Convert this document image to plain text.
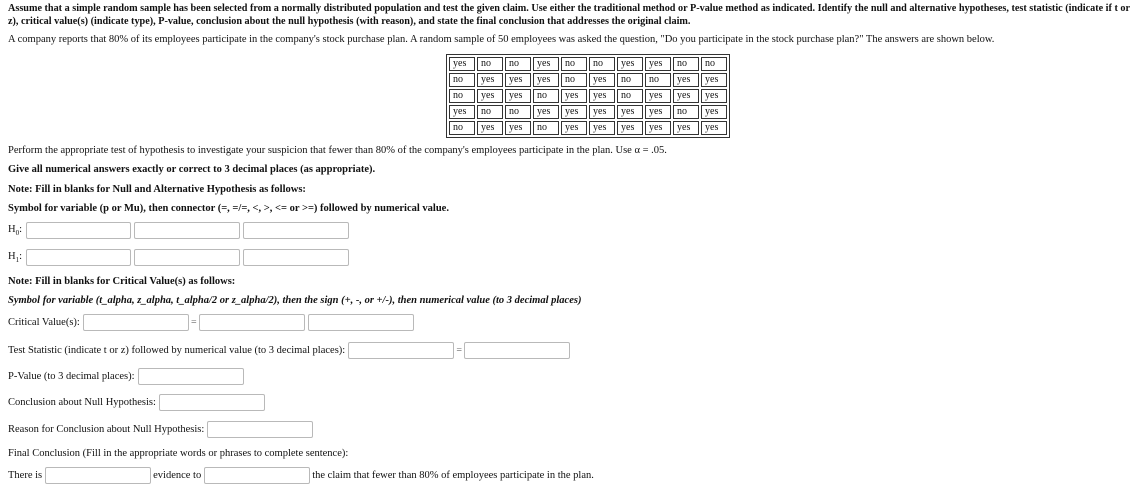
Assume that a simple random sample has been selected from a normally distributed population and test the given claim. Use either the traditional method or P-value method as indicated. Identify the null and alternative hypotheses, test statistic (indicate if t or z), critical value(s) (indicate type), P-value, conclusion about the null hypothesis (with reason), and state the final conclusion that addresses the original claim.
A company reports that 80% of its employees participate in the company's stock purchase plan. A random sample of 50 employees was asked the question, "Do you participate in the stock purchase plan?" The answers are shown below.
yes	no	no	yes	no	no	yes	yes	no	no
no	yes	yes	yes	no	yes	no	no	yes	yes
no	yes	yes	no	yes	yes	no	yes	yes	yes
yes	no	no	yes	yes	yes	yes	yes	no	yes
no	yes	yes	no	yes	yes	yes	yes	yes	yes
Perform the appropriate test of hypothesis to investigate your suspicion that fewer than 80% of the company's employees participate in the plan. Use α = .05.
Give all numerical answers exactly or correct to 3 decimal places (as appropriate).
Note: Fill in blanks for Null and Alternative Hypothesis as follows:
Symbol for variable (p or Mu), then connector (=, =/=, <, >, <= or >=) followed by numerical value.
$H_0$:
$H_1$:
Note: Fill in blanks for Critical Value(s) as follows:
Symbol for variable (t_alpha, z_alpha, t_alpha/2 or z_alpha/2), then the sign (+, -, or +/-), then numerical value (to 3 decimal places)
Critical Value(s):	=
Test Statistic (indicate t or z) followed by numerical value (to 3 decimal places):	=
P-Value (to 3 decimal places):
Conclusion about Null Hypothesis:
Reason for Conclusion about Null Hypothesis:
Final Conclusion (Fill in the appropriate words or phrases to complete sentence):
There is	evidence to	the claim that fewer than 80% of employees participate in the plan.
